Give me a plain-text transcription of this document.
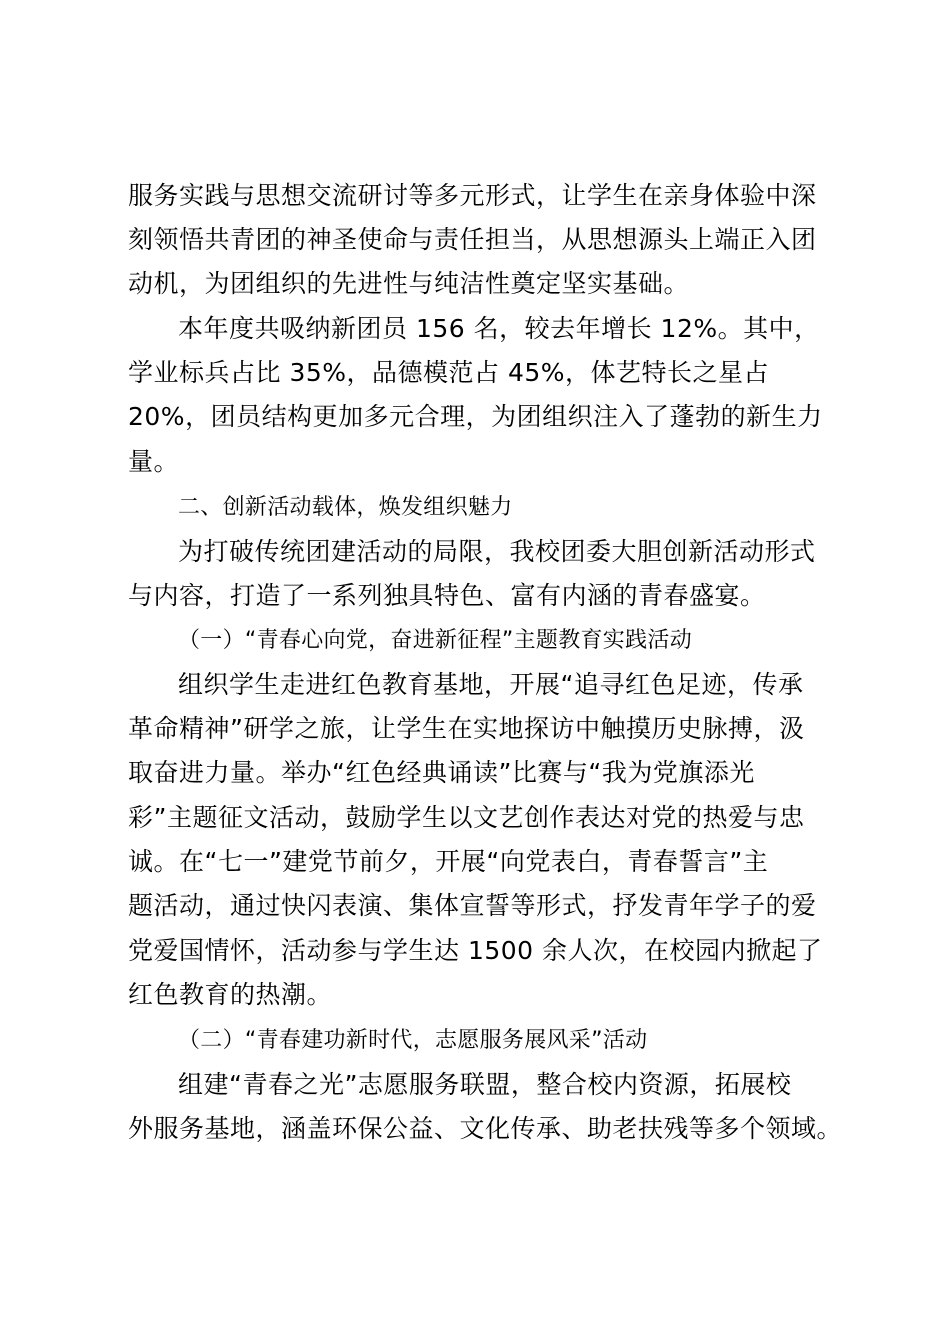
服务实践与思想交流研讨等多元形式，让学生在亲身体验中深
刻领悟共青团的神圣使命与责任担当，从思想源头上端正入团
动机，为团组织的先进性与纯洁性奠定坚实基础。
本年度共吸纳新团员 156 名，较去年增长 12%。其中，
学业标兵占比 35%，品德模范占 45%，体艺特长之星占
20%，团员结构更加多元合理，为团组织注入了蓬勃的新生力
量。
二、创新活动载体，焕发组织魅力
为打破传统团建活动的局限，我校团委大胆创新活动形式
与内容，打造了一系列独具特色、富有内涵的青春盛宴。
（一）“青春心向党，奋进新征程”主题教育实践活动
组织学生走进红色教育基地，开展“追寻红色足迹，传承
革命精神”研学之旅，让学生在实地探访中触摸历史脉搏，汲
取奋进力量。举办“红色经典诵读”比赛与“我为党旗添光
彩”主题征文活动，鼓励学生以文艺创作表达对党的热爱与忠
诚。在“七一”建党节前夕，开展“向党表白，青春誓言”主
题活动，通过快闪表演、集体宣誓等形式，抒发青年学子的爱
党爱国情怀，活动参与学生达 1500 余人次，在校园内掀起了
红色教育的热潮。
（二）“青春建功新时代，志愿服务展风采”活动
组建“青春之光”志愿服务联盟，整合校内资源，拓展校
外服务基地，涵盖环保公益、文化传承、助老扶残等多个领域。
